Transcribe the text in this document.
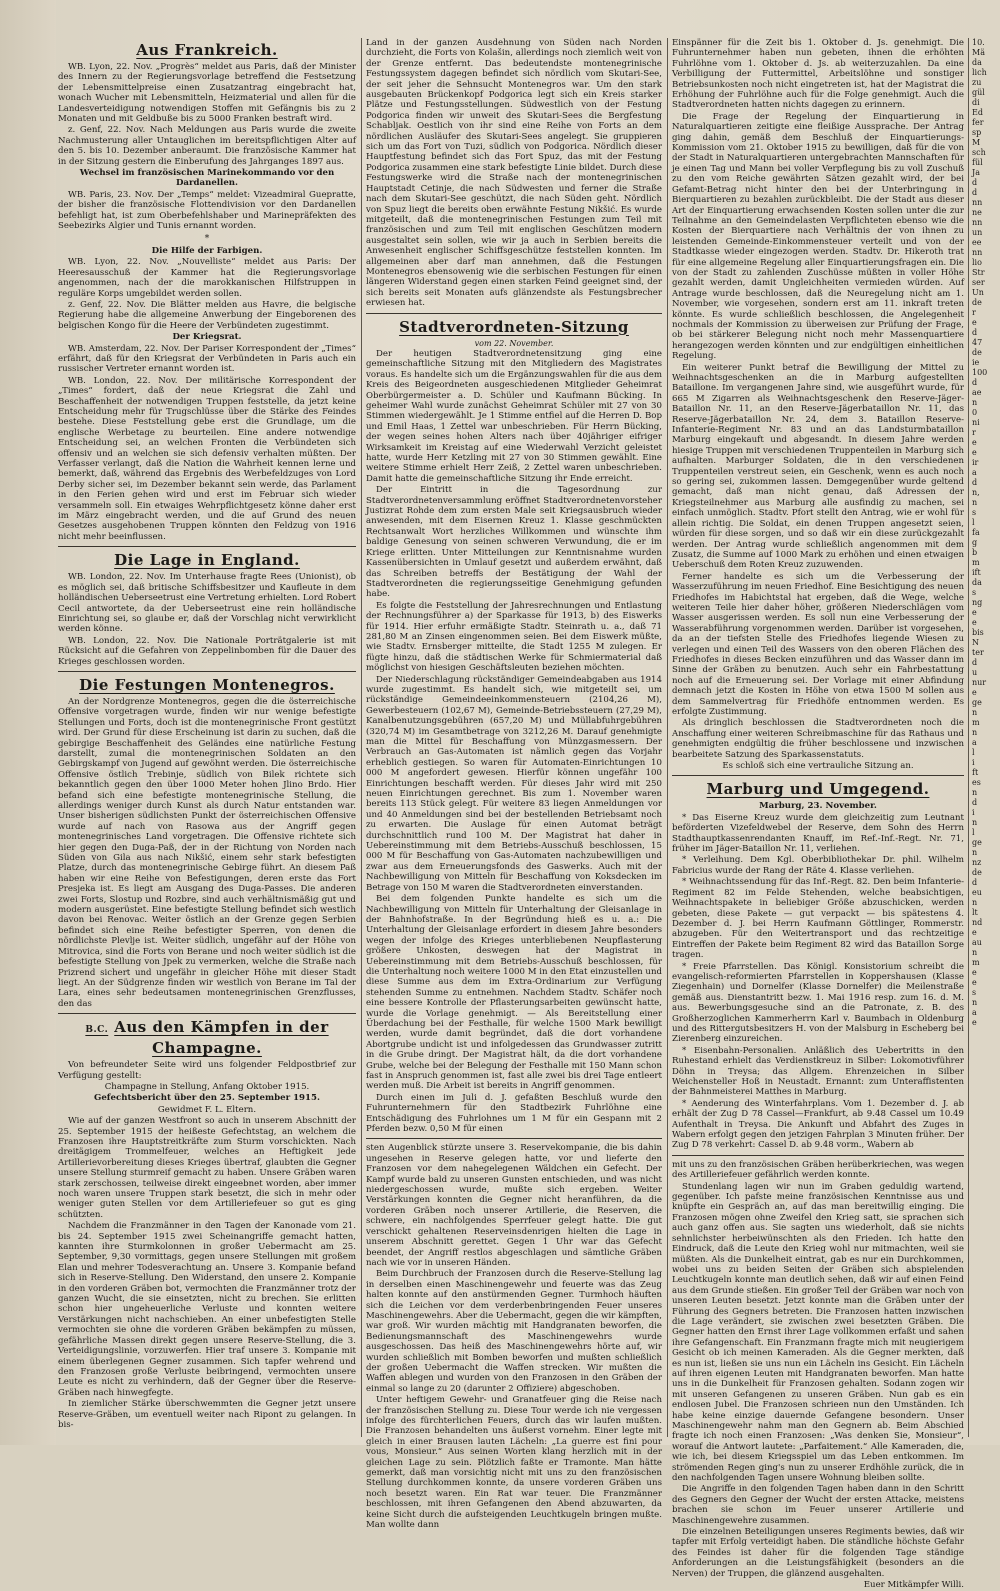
Aus Frankreich.

WB. Lyon, 22. Nov. „Progrès“ meldet aus Paris, daß der Minister des Innern zu der Regierungsvorlage betreffend die Festsetzung der Lebensmittelpreise einen Zusatzantrag eingebracht hat, wonach Wucher mit Lebensmitteln, Heizmaterial und allen für die Landesverteidigung notwendigen Stoffen mit Gefängnis bis zu 2 Monaten und mit Geldbuße bis zu 5000 Franken bestraft wird.

z. Genf, 22. Nov. Nach Meldungen aus Paris wurde die zweite Nachmusterung aller Untauglichen im bereitspflichtigen Alter auf den 5. bis 10. Dezember anberaumt. Die französische Kammer hat in der Sitzung gestern die Einberufung des Jahrganges 1897 aus.

Wechsel im französischen Marinekommando vor den Dardanellen.

WB. Paris, 23. Nov. Der „Temps“ meldet: Vizeadmiral Guepratte, der bisher die französische Flottendivision vor den Dardanellen befehligt hat, ist zum Oberbefehlshaber und Marinepräfekten des Seebezirks Algier und Tunis ernannt worden.

*

Die Hilfe der Farbigen.

WB. Lyon, 22. Nov. „Nouvelliste“ meldet aus Paris: Der Heeresausschuß der Kammer hat die Regierungsvorlage angenommen, nach der die marokkanischen Hilfstruppen in reguläre Korps umgebildet werden sollen.

z. Genf, 22. Nov. Die Blätter melden aus Havre, die belgische Regierung habe die allgemeine Anwerbung der Eingeborenen des belgischen Kongo für die Heere der Verbündeten zugestimmt.

Der Kriegsrat.

WB. Amsterdam, 22. Nov. Der Pariser Korrespondent der „Times“ erfährt, daß für den Kriegsrat der Verbündeten in Paris auch ein russischer Vertreter ernannt worden ist.

WB. London, 22. Nov. Der militärische Korrespondent der „Times“ fordert, daß der neue Kriegsrat die Zahl und Beschaffenheit der notwendigen Truppen feststelle, da jetzt keine Entscheidung mehr für Trugschlüsse über die Stärke des Feindes bestehe. Diese Feststellung gebe erst die Grundlage, um die englische Werbetage zu beurteilen. Eine andere notwendige Entscheidung sei, an welchen Fronten die Verbündeten sich offensiv und an welchen sie sich defensiv verhalten müßten. Der Verfasser verlangt, daß die Nation die Wahrheit kennen lerne und bemerkt, daß, während das Ergebnis des Werbefeldzuges von Lord Derby sicher sei, im Dezember bekannt sein werde, das Parlament in den Ferien gehen wird und erst im Februar sich wieder versammeln soll. Ein etwaiges Wehrpflichtgesetz könne daher erst im März eingebracht werden, und die auf Grund des neuen Gesetzes ausgehobenen Truppen könnten den Feldzug von 1916 nicht mehr beeinflussen.

Die Lage in England.

WB. London, 22. Nov. Im Unterhause fragte Rees (Unionist), ob es möglich sei, daß britische Schiffsbesitzer und Kaufleute in dem holländischen Ueberseetrust eine Vertretung erhielten. Lord Robert Cecil antwortete, da der Ueberseetrust eine rein holländische Einrichtung sei, so glaube er, daß der Vorschlag nicht verwirklicht werden könne.

WB. London, 22. Nov. Die Nationale Porträtgalerie ist mit Rücksicht auf die Gefahren von Zeppelinbomben für die Dauer des Krieges geschlossen worden.

Die Festungen Montenegros.

An der Nordgrenze Montenegros, gegen die die österreichische Offensive vorgetragen wurde, finden wir nur wenige befestigte Stellungen und Forts, doch ist die montenegrinische Front gestützt wird. Der Grund für diese Erscheinung ist darin zu suchen, daß die gebirgige Beschaffenheit des Geländes eine natürliche Festung darstellt, zumal die montenegrinischen Soldaten an den Gebirgskampf von Jugend auf gewöhnt werden. Die österreichische Offensive östlich Trebinje, südlich von Bilek richtete sich bekanntlich gegen den über 1000 Meter hohen Jlino Brdo. Hier befand sich eine befestigte montenegrinische Stellung, die allerdings weniger durch Kunst als durch Natur entstanden war. Unser bisherigen südlichsten Punkt der österreichischen Offensive wurde auf nach von Rasowa aus der Angriff gegen montenegrinisches Land vorgetragen. Die Offensive richtete sich hier gegen den Duga-Paß, der in der Richtung von Norden nach Süden von Gila aus nach Nikšić, einem sehr stark befestigten Platze, durch das montenegrinische Gebirge führt. An diesem Paß haben wir eine Reihe von Befestigungen, deren erste das Fort Presjeka ist. Es liegt am Ausgang des Duga-Passes. Die anderen zwei Forts, Slostup und Rozbre, sind auch verhältnismäßig gut und modern ausgerüstet. Eine befestigte Stellung befindet sich westlich davon bei Renovac. Weiter östlich an der Grenze gegen Serbien befindet sich eine Reihe befestigter Sperren, von denen die nördlichste Plevlje ist. Weiter südlich, ungefähr auf der Höhe von Mitrovica, sind die Forts von Berane und noch weiter südlich ist die befestigte Stellung von Jpek zu vermerken, welche die Straße nach Prizrend sichert und ungefähr in gleicher Höhe mit dieser Stadt liegt. An der Südgrenze finden wir westlich von Berane im Tal der Lara, eines sehr bedeutsamen montenegrinischen Grenzflusses, den das

B.C. Aus den Kämpfen in der Champagne.

Von befreundeter Seite wird uns folgender Feldpostbrief zur Verfügung gestellt:

Champagne in Stellung, Anfang Oktober 1915.

Gefechtsbericht über den 25. September 1915.

Gewidmet F. L. Eltern.

Wie auf der ganzen Westfront so auch in unserem Abschnitt der 25. September 1915 der heißeste Gefechtstag, an welchem die Franzosen ihre Hauptstreitkräfte zum Sturm vorschickten. Nach dreitägigem Trommelfeuer, welches an Heftigkeit jede Artillerievorbereitung dieses Krieges übertraf, glaubten die Gegner unsere Stellung sturmreif gemacht zu haben. Unsere Gräben waren stark zerschossen, teilweise direkt eingeebnet worden, aber immer noch waren unsere Truppen stark besetzt, die sich in mehr oder weniger guten Stellen vor dem Artilleriefeuer so gut es ging schützten.

Nachdem die Franzmänner in den Tagen der Kanonade vom 21. bis 24. September 1915 zwei Scheinangriffe gemacht hatten, kannten ihre Sturmkolonnen in großer Uebermacht am 25. September, 9,30 vormittags, gegen unsere Stellungen mit großem Elan und mehrer Todesverachtung an. Unsere 3. Kompanie befand sich in Reserve-Stellung. Den Widerstand, den unsere 2. Kompanie in den vorderen Gräben bot, vermochten die Franzmänner trotz der ganzen Wucht, die sie einsetzten, nicht zu brechen. Sie erlitten schon hier ungeheuerliche Verluste und konnten weitere Verstärkungen nicht nachschieben. An einer unbefestigten Stelle vermochten sie ohne die vorderen Gräben bekämpfen zu müssen, gefährliche Massen direkt gegen unsere Reserve-Stellung, die 3. Verteidigungslinie, vorzuwerfen. Hier traf unsere 3. Kompanie mit einem überlegenen Gegner zusammen. Sich tapfer wehrend und den Franzosen große Verluste beibringend, vermochten unsere Leute es nicht zu verhindern, daß der Gegner über die Reserve-Gräben nach hinwegfegte.

In ziemlicher Stärke überschwemmten die Gegner jetzt unsere Reserve-Gräben, um eventuell weiter nach Ripont zu gelangen. In bis-

Land in der ganzen Ausdehnung von Süden nach Norden durchzieht, die Forts von Kolašin, allerdings noch ziemlich weit von der Grenze entfernt. Das bedeutendste montenegrinische Festungssystem dagegen befindet sich nördlich vom Skutari-See, der seit jeher die Sehnsucht Montenegros war. Um den stark ausgebauten Brückenkopf Podgorica legt sich ein Kreis starker Plätze und Festungsstellungen. Südwestlich von der Festung Podgorica finden wir unweit des Skutari-Sees die Bergfestung Schabljak. Oestlich von ihr sind eine Reihe von Forts an dem nördlichen Ausläufer des Skutari-Sees angelegt. Sie gruppieren sich um das Fort von Tuzi, südlich von Podgorica. Nördlich dieser Hauptfestung befindet sich das Fort Spuz, das mit der Festung Podgorica zusammen eine stark befestigte Linie bildet. Durch diese Festungswerke wird die Straße nach der montenegrinischen Hauptstadt Cetinje, die nach Südwesten und ferner die Straße nach dem Skutari-See geschützt, die nach Süden geht. Nördlich von Spuz liegt die bereits oben erwähnte Festung Nikšić. Es wurde mitgeteilt, daß die montenegrinischen Festungen zum Teil mit französischen und zum Teil mit englischen Geschützen modern ausgestaltet sein sollen, wie wir ja auch in Serbien bereits die Anwesenheit englischer Schiffsgeschütze feststellen konnten. Im allgemeinen aber darf man annehmen, daß die Festungen Montenegros ebensowenig wie die serbischen Festungen für einen längeren Widerstand gegen einen starken Feind geeignet sind, der sich bereits seit Monaten aufs glänzendste als Festungsbrecher erwiesen hat.

Stadtverordneten-Sitzung
vom 22. November.

Der heutigen Stadtverordnetensitzung ging eine gemeinschaftliche Sitzung mit den Mitgliedern des Magistrates voraus. Es handelte sich um die Ergänzungswahlen für die aus dem Kreis des Beigeordneten ausgeschiedenen Mitglieder Geheimrat Oberbürgermeister a. D. Schüler und Kaufmann Bücking. In geheimer Wahl wurde zunächst Geheimrat Schüler mit 27 von 30 Stimmen wiedergewählt. Je 1 Stimme entfiel auf die Herren D. Bop und Emil Haas, 1 Zettel war unbeschrieben. Für Herrn Bücking, der wegen seines hohen Alters nach über 40jähriger eifriger Wirksamkeit im Kreistag auf eine Wiederwahl Verzicht geleistet hatte, wurde Herr Ketzling mit 27 von 30 Stimmen gewählt. Eine weitere Stimme erhielt Herr Zeiß, 2 Zettel waren unbeschrieben. Damit hatte die gemeinschaftliche Sitzung ihr Ende erreicht.

Der Eintritt in die Tagesordnung zur Stadtverordnetenversammlung eröffnet Stadtverordnetenvorsteher Justizrat Rohde dem zum ersten Male seit Kriegsausbruch wieder anwesenden, mit dem Eisernen Kreuz 1. Klasse geschmückten Rechtsanwalt Wort herzliches Willkommen und wünschte ihm baldige Genesung von seinen schweren Verwundung, die er im Kriege erlitten. Unter Mitteilungen zur Kenntnisnahme wurden Kassenübersichten in Umlauf gesetzt und außerdem erwähnt, daß das Schreiben betreffs der Bestätigung der Wahl der Stadtverordneten die regierungsseitige Genehmigung gefunden habe.

Es folgte die Feststellung der Jahresrechnungen und Entlastung der Rechnungsführer a) der Sparkasse für 1913, b) des Eiswerks für 1914. Hier erfuhr ermäßigte Stadtr. Steinrath u. a., daß 71 281,80 M an Zinsen eingenommen seien. Bei dem Eiswerk müßte, wie Stadtv. Ernsberger mitteilte, die Stadt 1255 M zulegen. Er fügte hinzu, daß die städtischen Werke für Schmiermaterial daß möglichst von hiesigen Geschäftsleuten beziehen möchten.

Der Niederschlagung rückständiger Gemeindeabgaben aus 1914 wurde zugestimmt. Es handelt sich, wie mitgeteilt sei, um rückständige Gemeindeeinkommensteuern (2104,26 M), Gewerbesteuern (102,67 M), Gemeinde-Betriebssteuern (27,29 M), Kanalbenutzungsgebühren (657,20 M) und Müllabfuhrgebühren (320,74 M) im Gesamtbetrage von 3212,26 M. Darauf genehmigte man die Mittel für Beschaffung von Münzgasmessern. Der Verbrauch an Gas-Automaten ist nämlich gegen das Vorjahr erheblich gestiegen. So waren für Automaten-Einrichtungen 10 000 M angefordert gewesen. Hierfür können ungefähr 100 Einrichtungen beschafft werden. Für dieses Jahr wird mit 250 neuen Einrichtungen gerechnet. Bis zum 1. November waren bereits 113 Stück gelegt. Für weitere 83 liegen Anmeldungen vor und 40 Anmeldungen sind bei der bestellenden Betriebsamt noch zu erwarten. Die Auslage für einen Automat beträgt durchschnittlich rund 100 M. Der Magistrat hat daher in Uebereinstimmung mit dem Betriebs-Ausschuß beschlossen, 15 000 M für Beschaffung von Gas-Automaten nachzubewilligen und zwar aus dem Erneuerungsfonds des Gaswerks. Auch mit der Nachbewilligung von Mitteln für Beschaffung von Koksdecken im Betrage von 150 M waren die Stadtverordneten einverstanden.

Bei dem folgenden Punkte handelte es sich um die Nachbewilligung von Mitteln für Unterhaltung der Gleisanlage in der Bahnhofstraße. In der Begründung hieß es u. a.: Die Unterhaltung der Gleisanlage erfordert in diesem Jahre besonders wegen der infolge des Krieges unterbliebenen Neupflasterung größere Unkosten, deswegen hat der Magistrat in Uebereinstimmung mit dem Betriebs-Ausschuß beschlossen, für die Unterhaltung noch weitere 1000 M in den Etat einzustellen und diese Summe aus dem im Extra-Ordinarium zur Verfügung stehenden Summe zu entnehmen. Nachdem Stadtv. Schäfer noch eine bessere Kontrolle der Pflasterungsarbeiten gewünscht hatte, wurde die Vorlage genehmigt. — Als Bereitstellung einer Überdachung bei der Festhalle, für welche 1500 Mark bewilligt werden, wurde damit begründet, daß die dort vorhandene Abortgrube undicht ist und infolgedessen das Grundwasser zutritt in die Grube dringt. Der Magistrat hält, da die dort vorhandene Grube, welche bei der Belegung der Festhalle mit 150 Mann schon fast in Anspruch genommen ist, fast alle zwei bis drei Tage entleert werden muß. Die Arbeit ist bereits in Angriff genommen.

Durch einen im Juli d. J. gefaßten Beschluß wurde den Fuhrunternehmern für den Stadtbezirk Fuhrlöhne eine Entschädigung des Fuhrlohnes um 1 M für ein Gespann mit 2 Pferden bezw. 0,50 M für einen

sten Augenblick stürzte unsere 3. Reservekompanie, die bis dahin ungesehen in Reserve gelegen hatte, vor und lieferte den Franzosen vor dem nahegelegenen Wäldchen ein Gefecht. Der Kampf wurde bald zu unseren Gunsten entschieden, und was nicht niedergeschossen wurde, mußte sich ergeben. Weiter Verstärkungen konnten die Gegner nicht heranführen, da die vorderen Gräben noch unserer Artillerie, die Reserven, die schwere, ein nachfolgendes Sperrfeuer gelegt hatte. Die gut verschickt gehaltenen Reserveinsdenrigen hielten die Lage in unserem Abschnitt gerettet. Gegen 1 Uhr war das Gefecht beendet, der Angriff restlos abgeschlagen und sämtliche Gräben nach wie vor in unseren Händen.

Beim Durchbruch der Franzosen durch die Reserve-Stellung lag in derselben einen Maschinengewehr und feuerte was das Zeug halten konnte auf den anstürmenden Gegner. Turmhoch häuften sich die Leichen vor dem verderbenbringenden Feuer unseres Maschinengewehrs. Aber die Uebermacht, gegen die wir kämpften, war groß. Wir wurden mächtig mit Handgranaten beworfen, die Bedienungsmannschaft des Maschinengewehrs wurde ausgeschossen. Das heiß des Maschinengewehrs hörte auf, wir wurden schließlich mit Bomben beworfen und mußten schließlich der großen Uebermacht die Waffen strecken. Wir mußten die Waffen ablegen und wurden von den Franzosen in den Gräben der einmal so lange zu 20 (darunter 2 Offiziere) abgeschoben.

Unter heftigem Gewehr- und Granatfeuer ging die Reise nach der französischen Stellung zu. Diese Tour werde ich nie vergessen infolge des fürchterlichen Feuers, durch das wir laufen mußten. Die Franzosen behandelten uns äußerst vornehm. Einer legte mit gleich in einer Brausen lauten Lächeln: „La guerre est fini pour vous, Monsieur.“ Aus seinen Worten klang herzlich mit in der gleichen Lage zu sein. Plötzlich faßte er Tramonte. Man hätte gemerkt, daß man vorsichtig nicht mit uns zu den französischen Stellung durchkommen konnte, da unsere vorderen Gräben uns noch besetzt waren. Ein Rat war teuer. Die Franzmänner beschlossen, mit ihren Gefangenen den Abend abzuwarten, da keine Sicht durch die aufsteigenden Leuchtkugeln bringen mußte. Man wollte dann

Einspänner für die Zeit bis 1. Oktober d. Js. genehmigt. Die Fuhrunternehmer haben nun gebeten, ihnen die erhöhten Fuhrlöhne vom 1. Oktober d. Js. ab weiterzuzahlen. Da eine Verbilligung der Futtermittel, Arbeitslöhne und sonstiger Betriebsunkosten noch nicht eingetreten ist, hat der Magistrat die Erhöhung der Fuhrlöhne auch für die Folge genehmigt. Auch die Stadtverordneten hatten nichts dagegen zu erinnern.

Die Frage der Regelung der Einquartierung in Naturalquartieren zeitigte eine fleißige Aussprache. Der Antrag ging dahin, gemäß dem Beschluß der Einquartierungs-Kommission vom 21. Oktober 1915 zu bewilligen, daß für die von der Stadt in Naturalquartieren untergebrachten Mannschaften für je einen Tag und Mann bei voller Verpflegung bis zu voll Zuschuß zu den vom Reiche gewährten Sätzen gezahlt wird, der bei Gefamt-Betrag nicht hinter den bei der Unterbringung in Bierquartieren zu bezahlen zurückbleibt. Die der Stadt aus dieser Art der Einquartierung erwachsenden Kosten sollen unter die zur Teilnahme an den Gemeindelasten Verpflichteten ebenso wie die Kosten der Bierquartiere nach Verhältnis der von ihnen zu leistenden Gemeinde-Einkommensteuer verteilt und von der Stadtkasse wieder eingezogen werden. Stadtv. Dr. Hikeroth trat für eine allgemeine Regelung aller Einquartierungsfragen ein. Die von der Stadt zu zahlenden Zuschüsse müßten in voller Höhe gezahlt werden, damit Ungleichheiten vermieden würden. Auf Antrage wurde beschlossen, daß die Neuregelung nicht am 1. November, wie vorgesehen, sondern erst am 11. inkraft treten könnte. Es wurde schließlich beschlossen, die Angelegenheit nochmals der Kommission zu überweisen zur Prüfung der Frage, ob bei stärkerer Belegung nicht noch mehr Massenquartiere herangezogen werden könnten und zur endgültigen einheitlichen Regelung.

Ein weiterer Punkt betraf die Bewilligung der Mittel zu Weihnachtsgeschenken an die in Marburg aufgestellten Bataillone. Im vergangenen Jahre sind, wie ausgeführt wurde, für 665 M Zigarren als Weihnachtsgeschenk den Reserve-Jäger-Bataillon Nr. 11, an den Reserve-Jägerbataillon Nr. 11, das Reserve-Jägerbataillon Nr. 24, dem 3. Bataillon Reserve-Infanterie-Regiment Nr. 83 und an das Landsturmbataillon Marburg eingekauft und abgesandt. In diesem Jahre werden hiesige Truppen mit verschiedenen Truppenteilen in Marburg sich aufhalten. Marburger Soldaten, die in den verschiedenen Truppenteilen verstreut seien, ein Geschenk, wenn es auch noch so gering sei, zukommen lassen. Demgegenüber wurde geltend gemacht, daß man nicht genau, daß Adressen der Kriegsteilnehmer aus Marburg alle ausfindig zu machen, sei einfach unmöglich. Stadtv. Pfort stellt den Antrag, wie er wohl für allein richtig. Die Soldat, ein denen Truppen angesetzt seien, würden für diese sorgen, und so daß wir ein diese zurückgezahlt werden. Der Antrag wurde schließlich angenommen mit dem Zusatz, die Summe auf 1000 Mark zu erhöhen und einen etwaigen Ueberschuß dem Roten Kreuz zuzuwenden.

Ferner handelte es sich um die Verbesserung der Wasserzuführung im neuen Friedhof. Eine Besichtigung des neuen Friedhofes im Habichtstal hat ergeben, daß die Wege, welche weiteren Teile hier daher höher, größeren Niederschlägen vom Wasser ausgerissen werden. Es soll nun eine Verbesserung der Wasserabführung vorgenommen werden. Darüber ist vorgesehen, da an der tiefsten Stelle des Friedhofes liegende Wiesen zu verlegen und einen Teil des Wassers von den oberen Flächen des Friedhofes in dieses Becken einzuführen und das Wasser dann im Sinne der Gräben zu benutzen. Auch sehr ein Fahrbestattung noch auf die Erneuerung sei. Der Vorlage mit einer Abfindung demnach jetzt die Kosten in Höhe von etwa 1500 M sollen aus dem Sammelvertrag für Friedhöfe entnommen werden. Es erfolgte Zustimmung.

Als dringlich beschlossen die Stadtverordneten noch die Anschaffung einer weiteren Schreibmaschine für das Rathaus und genehmigten endgültig die früher beschlossene und inzwischen bearbeitete Satzung des Sparkassenstatuts.

Es schloß sich eine vertrauliche Sitzung an.

Marburg und Umgegend.

Marburg, 23. November.

* Das Eiserne Kreuz wurde dem gleichzeitig zum Leutnant beförderten Vizefeldwebel der Reserve, dem Sohn des Herrn Stadthauptkassenrendanten Knauff, im Ref.-Inf.-Regt. Nr. 71, früher im Jäger-Bataillon Nr. 11, verliehen.

* Verleihung. Dem Kgl. Oberbibliothekar Dr. phil. Wilhelm Fabricius wurde der Rang der Räte 4. Klasse verliehen.

* Weihnachtssendung für das Inf.-Regt. 82. Den beim Infanterie-Regiment 82 im Felde Stehenden, welche beabsichtigen, Weihnachtspakete in beliebiger Größe abzuschicken, werden gebeten, diese Pakete — gut verpackt — bis spätestens 4. Dezember d. J. bei Herrn Kaufmann Göttlinger, Rommerstr. abzugeben. Für den Weitertransport und das rechtzeitige Eintreffen der Pakete beim Regiment 82 wird das Bataillon Sorge tragen.

* Freie Pfarrstellen. Das Königl. Konsistorium schreibt die evangelisch-reformierten Pfarrstellen in Koppershausen (Klasse Ziegenhain) und Dornelfer (Klasse Dornelfer) die Meilenstraße gemäß aus. Dienstantritt bezw. 1. Mai 1916 resp. zum 16. d. M. aus. Bewerbungsgesuche sind an die Patronate, z. B. des Großherzoglichen Kammerherrn Karl v. Baumbach in Oldenburg und des Rittergutsbesitzers H. von der Malsburg in Escheberg bei Zierenberg einzureichen.

* Eisenbahn-Personalien. Anläßlich des Uebertritts in den Ruhestand erhielt das Verdienstkreuz in Silber: Lokomotivführer Döhn in Treysa; das Allgem. Ehrenzeichen in Silber Weichensteller Hoß in Neustadt. Ernannt: zum Unteraffistenten der Bahnmeisterei Matthes in Marburg.

* Aenderung des Winterfahrplans. Vom 1. Dezember d. J. ab erhält der Zug D 78 Cassel—Frankfurt, ab 9.48 Cassel um 10.49 Aufenthalt in Treysa. Die Ankunft und Abfahrt des Zuges in Wabern erfolgt gegen den jetzigen Fahrplan 3 Minuten früher. Der Zug D 78 verkehrt: Cassel D. ab 9.48 vorm., Wabern ab

mit uns zu den französischen Gräben herüberkriechen, was wegen des Artilleriefeuer gefährlich werden konnte.

Stundenlang lagen wir nun im Graben geduldig wartend, gegenüber. Ich pafste meine französischen Kenntnisse aus und knüpfte ein Gespräch an, auf das man bereitwillig einging. Die Franzosen mögen ohne Zweifel den Krieg satt, sie sprachen sich auch ganz offen aus. Sie sagten uns wiederholt, daß sie nichts sehnlichster herbeiwünschten als den Frieden. Ich hatte den Eindruck, daß die Leute den Krieg wohl nur mitmachten, weil sie müßten. Als die Dunkelheit eintrat, gab es nur ein Durchkommen, wobei uns zu beiden Seiten der Gräben sich abspielenden Leuchtkugeln konnte man deutlich sehen, daß wir auf einen Feind aus dem Grunde stießen. Ein großer Teil der Gräben war noch von unseren Leuten besetzt. Jetzt konnte man die Gräben unter der Führung des Gegners betreten. Die Franzosen hatten inzwischen die Lage verändert, sie zwischen zwei besetzten Gräben. Die Gegner hatten den Ernst ihrer Lage vollkommen erfaßt und sahen ihre Gefangenschaft. Ein Franzmann fragte mich mit neugierigem Gesicht ob ich meinen Kameraden. Als die Gegner merkten, daß es nun ist, ließen sie uns nun ein Lächeln ins Gesicht. Ein Lächeln auf ihren eigenen Leuten mit Handgranaten beworfen. Man hatte uns in die Dunkelheit für Franzosen gehalten. Sodann zogen wir mit unseren Gefangenen zu unseren Gräben. Nun gab es ein endlosen Jubel. Die Franzosen schrieen nun den Umständen. Ich habe keine einzige dauernde Gefangene besondern. Unser Maschinengewehr nahm man den Gegnern ab. Beim Abschied fragte ich noch einen Franzosen: „Was denken Sie, Monsieur“, worauf die Antwort lautete: „Parfaitement.“ Alle Kameraden, die, wie ich, bei diesem Kriegsspiel um das Leben entkommen. Im strömenden Regen ging's nun zu unserer Erdhöhle zurück, die in den nachfolgenden Tagen unsere Wohnung bleiben sollte.

Die Angriffe in den folgenden Tagen haben dann in den Schritt des Gegners den Gegner der Wucht der ersten Attacke, meistens brachen sie schon im Feuer unserer Artillerie und Maschinengewehre zusammen.

Die einzelnen Beteiligungen unseres Regiments bewies, daß wir tapfer mit Erfolg verteidigt haben. Die ständliche höchste Gefahr des Feindes ist daher für die folgenden Tage ständige Anforderungen an die Leistungsfähigkeit (besonders an die Nerven) der Truppen, die glänzend ausgehalten.

Euer Mitkämpfer Willi.

10. Mä da lich zu gül di Ed fer sp M sch fül Ja d d nn ne nn un ee nn lio Str ser Un de r e d 47 de ie 100 d ae n 0 ni r e e ir a d n, n s l fa g b m ift da s ng e e bis N ter d u nur e ge n m n a l i ft es n d i n l ge n nz de d eu n lt nd e au n m e e s n a e
